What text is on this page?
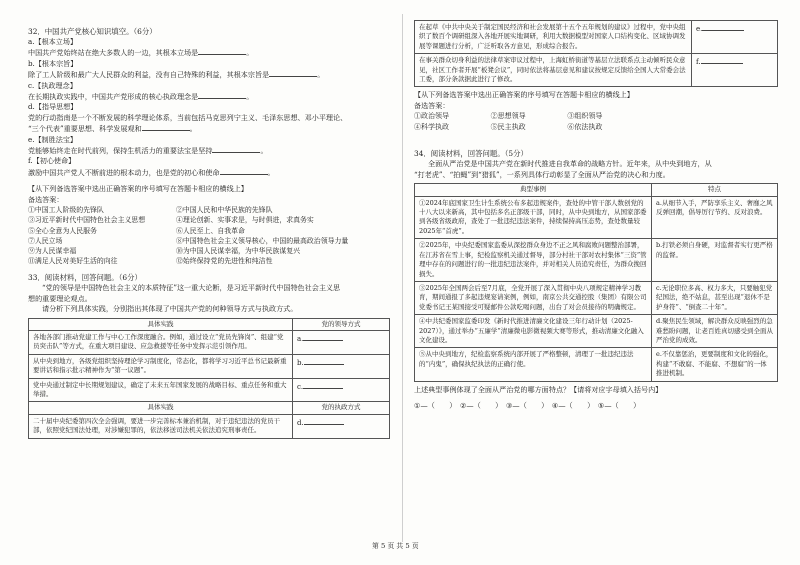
32．中国共产党核心知识填空。（6分）
a.【根本立场】
中国共产党始终站在绝大多数人的一边，其根本立场是	。
b.【根本宗旨】
除了工人阶级和最广大人民群众的利益，没有自己特殊的利益，其根本宗旨是	。
c.【执政理念】
在长期执政实践中，中国共产党形成的核心执政理念是	。
d.【指导思想】
党的行动指南是一个不断发展的科学理论体系，当前包括马克思列宁主义、毛泽东思想、邓小平理论、
“三个代表”重要思想、科学发展观和	。
e.【制胜法宝】
党能够始终走在时代前列，保持生机活力的重要法宝是坚持	。
f.【初心使命】
激励中国共产党人不断前进的根本动力，也是党的初心和使命	。
【从下列备选答案中选出正确答案的序号填写在答题卡相应的横线上】
备选答案：
①中国工人阶级的先锋队	②中国人民和中华民族的先锋队
③习近平新时代中国特色社会主义思想	④理论创新、实事求是，与时俱进，求真务实
⑤全心全意为人民服务	⑥人民至上、自我革命
⑦人民立场	⑧中国特色社会主义领导核心，中国的最高政治领导力量
⑨为人民谋幸福	⑩为中国人民谋幸福，为中华民族谋复兴
⑪满足人民对美好生活的向往	⑫始终保持党的先进性和纯洁性
33．阅读材料，回答问题。（6分）
“党的领导是中国特色社会主义的本质特征”这一重大论断，是习近平新时代中国特色社会主义思
想的重要理论观点。
请分析下列具体实践，分别指出其体现了中国共产党的何种领导方式与执政方式。
具体实践	党的领导方式
各地各部门推动党建工作与中心工作深度融合。例如，通过设立“党员先锋岗”、组建“党员突击队”等方式，在重大项目建设、应急救援等任务中发挥示范引领作用。	a.
从中央到地方，各级党组织坚持理论学习制度化，常态化，都将学习习近平总书记最新重要讲话和指示批示精神作为“第一议题”。	b.
党中央通过制定中长期规划建议，确定了未来五年国家发展的战略目标、重点任务和重大举措。	c.
具体实践	党的执政方式
二十届中央纪委第四次全会强调，要进一步完善标本兼治机制，对于违纪违法的党员干部，依照党纪国法处理，对涉嫌犯罪的，依法移送司法机关依法追究刑事责任。	d.
在起草《中共中央关于制定国民经济和社会发展第十五个五年规划的建议》过程中，党中央组织了数百个调研组深入各地开展实地调研，利用大数据模型对国家人口结构变化、区域协调发展等课题进行分析，广泛听取各方意见，形成综合报告。	e.
在事关群众切身利益的法律草案审议过程中，上海虹桥街道等基层立法联系点主动倾听民众意见，社区工作者开展“板凳会议”，同时依法将基层意见和建议按规定反馈给全国人大常委会法工委，部分条款据此进行了修改。	f.
【从下列备选答案中选出正确答案的序号填写在答题卡相应的横线上】
备选答案：
①政治领导	②思想领导	③组织领导
④科学执政	⑤民主执政	⑥依法执政
34．阅读材料，回答问题。（5分）
全面从严治党是中国共产党在新时代推进自我革命的战略方针。近年来，从中央到地方，从
“打老虎”、“拍蝇”到“猎狐”，一系列具体行动彰显了全面从严治党的决心和力度。
典型事例	特点
①2024年底国家卫生计生系统公布多起违规案件，查处的中管干部人数创党的十八大以来新高，其中包括多名正部级干部，同时，从中央到地方，从国家部委到各级省级政府，查处了一批违纪违法案件，持续保持高压态势，查处数量较2025年“首虎”。	a.从细节入手，严防享乐主义、奢靡之风反弹回潮，倡导厉行节约、反对浪费。
②2025年，中央纪委国家监委从深挖群众身边不正之风和腐败问题整治部署，在江苏省在雪上事，纪检监察机关通过督导，部分村社干部对农村集体“三资”管理中存在的问题进行的一批违纪违法案件，并对相关人员追究责任，为群众挽回损失。	b.打铁必须自身硬，对监督者实行更严格的监督。
③2025年全国两会后至7月底，全党开展了深入贯彻中央八项规定精神学习教育，期间通报了多起违规宴请案例，例如，南京公共交通控股（集团）有限公司党委书记王某国接受可疑邮件公款吃喝问题，出台了对会员接待的明确规定。	c.无论职位多高、权力多大，只要触犯党纪国法，绝不姑息，甚至出现“退休不是护身符”、“倒查二十年”。
④中共纪委国家监委印发《新时代推进清廉文化建设三年行动计划（2025-2027）》，通过举办“五廉学”清廉微电影微视频大赛等形式，推动清廉文化融入文化建设。	d.聚焦民生领域，解决群众反映强烈的急难愁盼问题，让老百姓真切感受到全面从严治党的成效。
⑤从中央到地方，纪检监察系统内部开展了严格整顿，清理了一批违纪违法的“内鬼”，确保执纪执法的正确行使。	e.不仅靠惩治，更要制度和文化的强化，构建“不敢腐、不能腐、不想腐”的一体推进机制。
上述典型事例体现了全面从严治党的哪方面特点？【请将对应字母填入括号内】
①—（　　）　②—（　　）　③—（　　）　④—（　　）　⑤—（　　）
第 5 页 共 5 页
